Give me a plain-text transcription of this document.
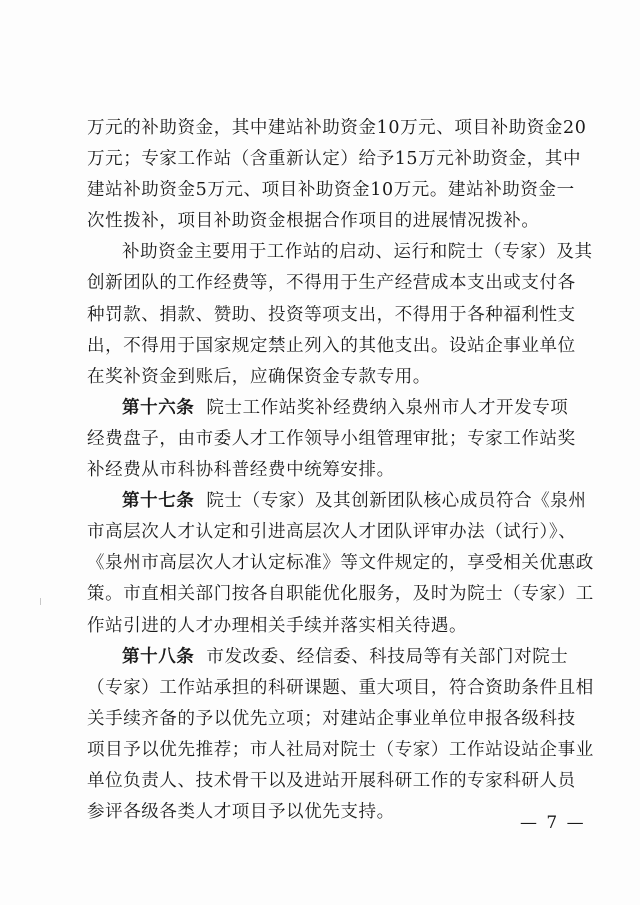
万元的补助资金，其中建站补助资金10万元、项目补助资金20
万元；专家工作站（含重新认定）给予15万元补助资金，其中
建站补助资金5万元、项目补助资金10万元。建站补助资金一
次性拨补，项目补助资金根据合作项目的进展情况拨补。
补助资金主要用于工作站的启动、运行和院士（专家）及其
创新团队的工作经费等，不得用于生产经营成本支出或支付各
种罚款、捐款、赞助、投资等项支出，不得用于各种福利性支
出，不得用于国家规定禁止列入的其他支出。设站企事业单位
在奖补资金到账后，应确保资金专款专用。
第十六条 院士工作站奖补经费纳入泉州市人才开发专项
经费盘子，由市委人才工作领导小组管理审批；专家工作站奖
补经费从市科协科普经费中统筹安排。
第十七条 院士（专家）及其创新团队核心成员符合《泉州
市高层次人才认定和引进高层次人才团队评审办法（试行）》、
《泉州市高层次人才认定标准》等文件规定的，享受相关优惠政
策。市直相关部门按各自职能优化服务，及时为院士（专家）工
作站引进的人才办理相关手续并落实相关待遇。
第十八条 市发改委、经信委、科技局等有关部门对院士
（专家）工作站承担的科研课题、重大项目，符合资助条件且相
关手续齐备的予以优先立项；对建站企事业单位申报各级科技
项目予以优先推荐；市人社局对院士（专家）工作站设站企事业
单位负责人、技术骨干以及进站开展科研工作的专家科研人员
参评各级各类人才项目予以优先支持。
— 7 —
